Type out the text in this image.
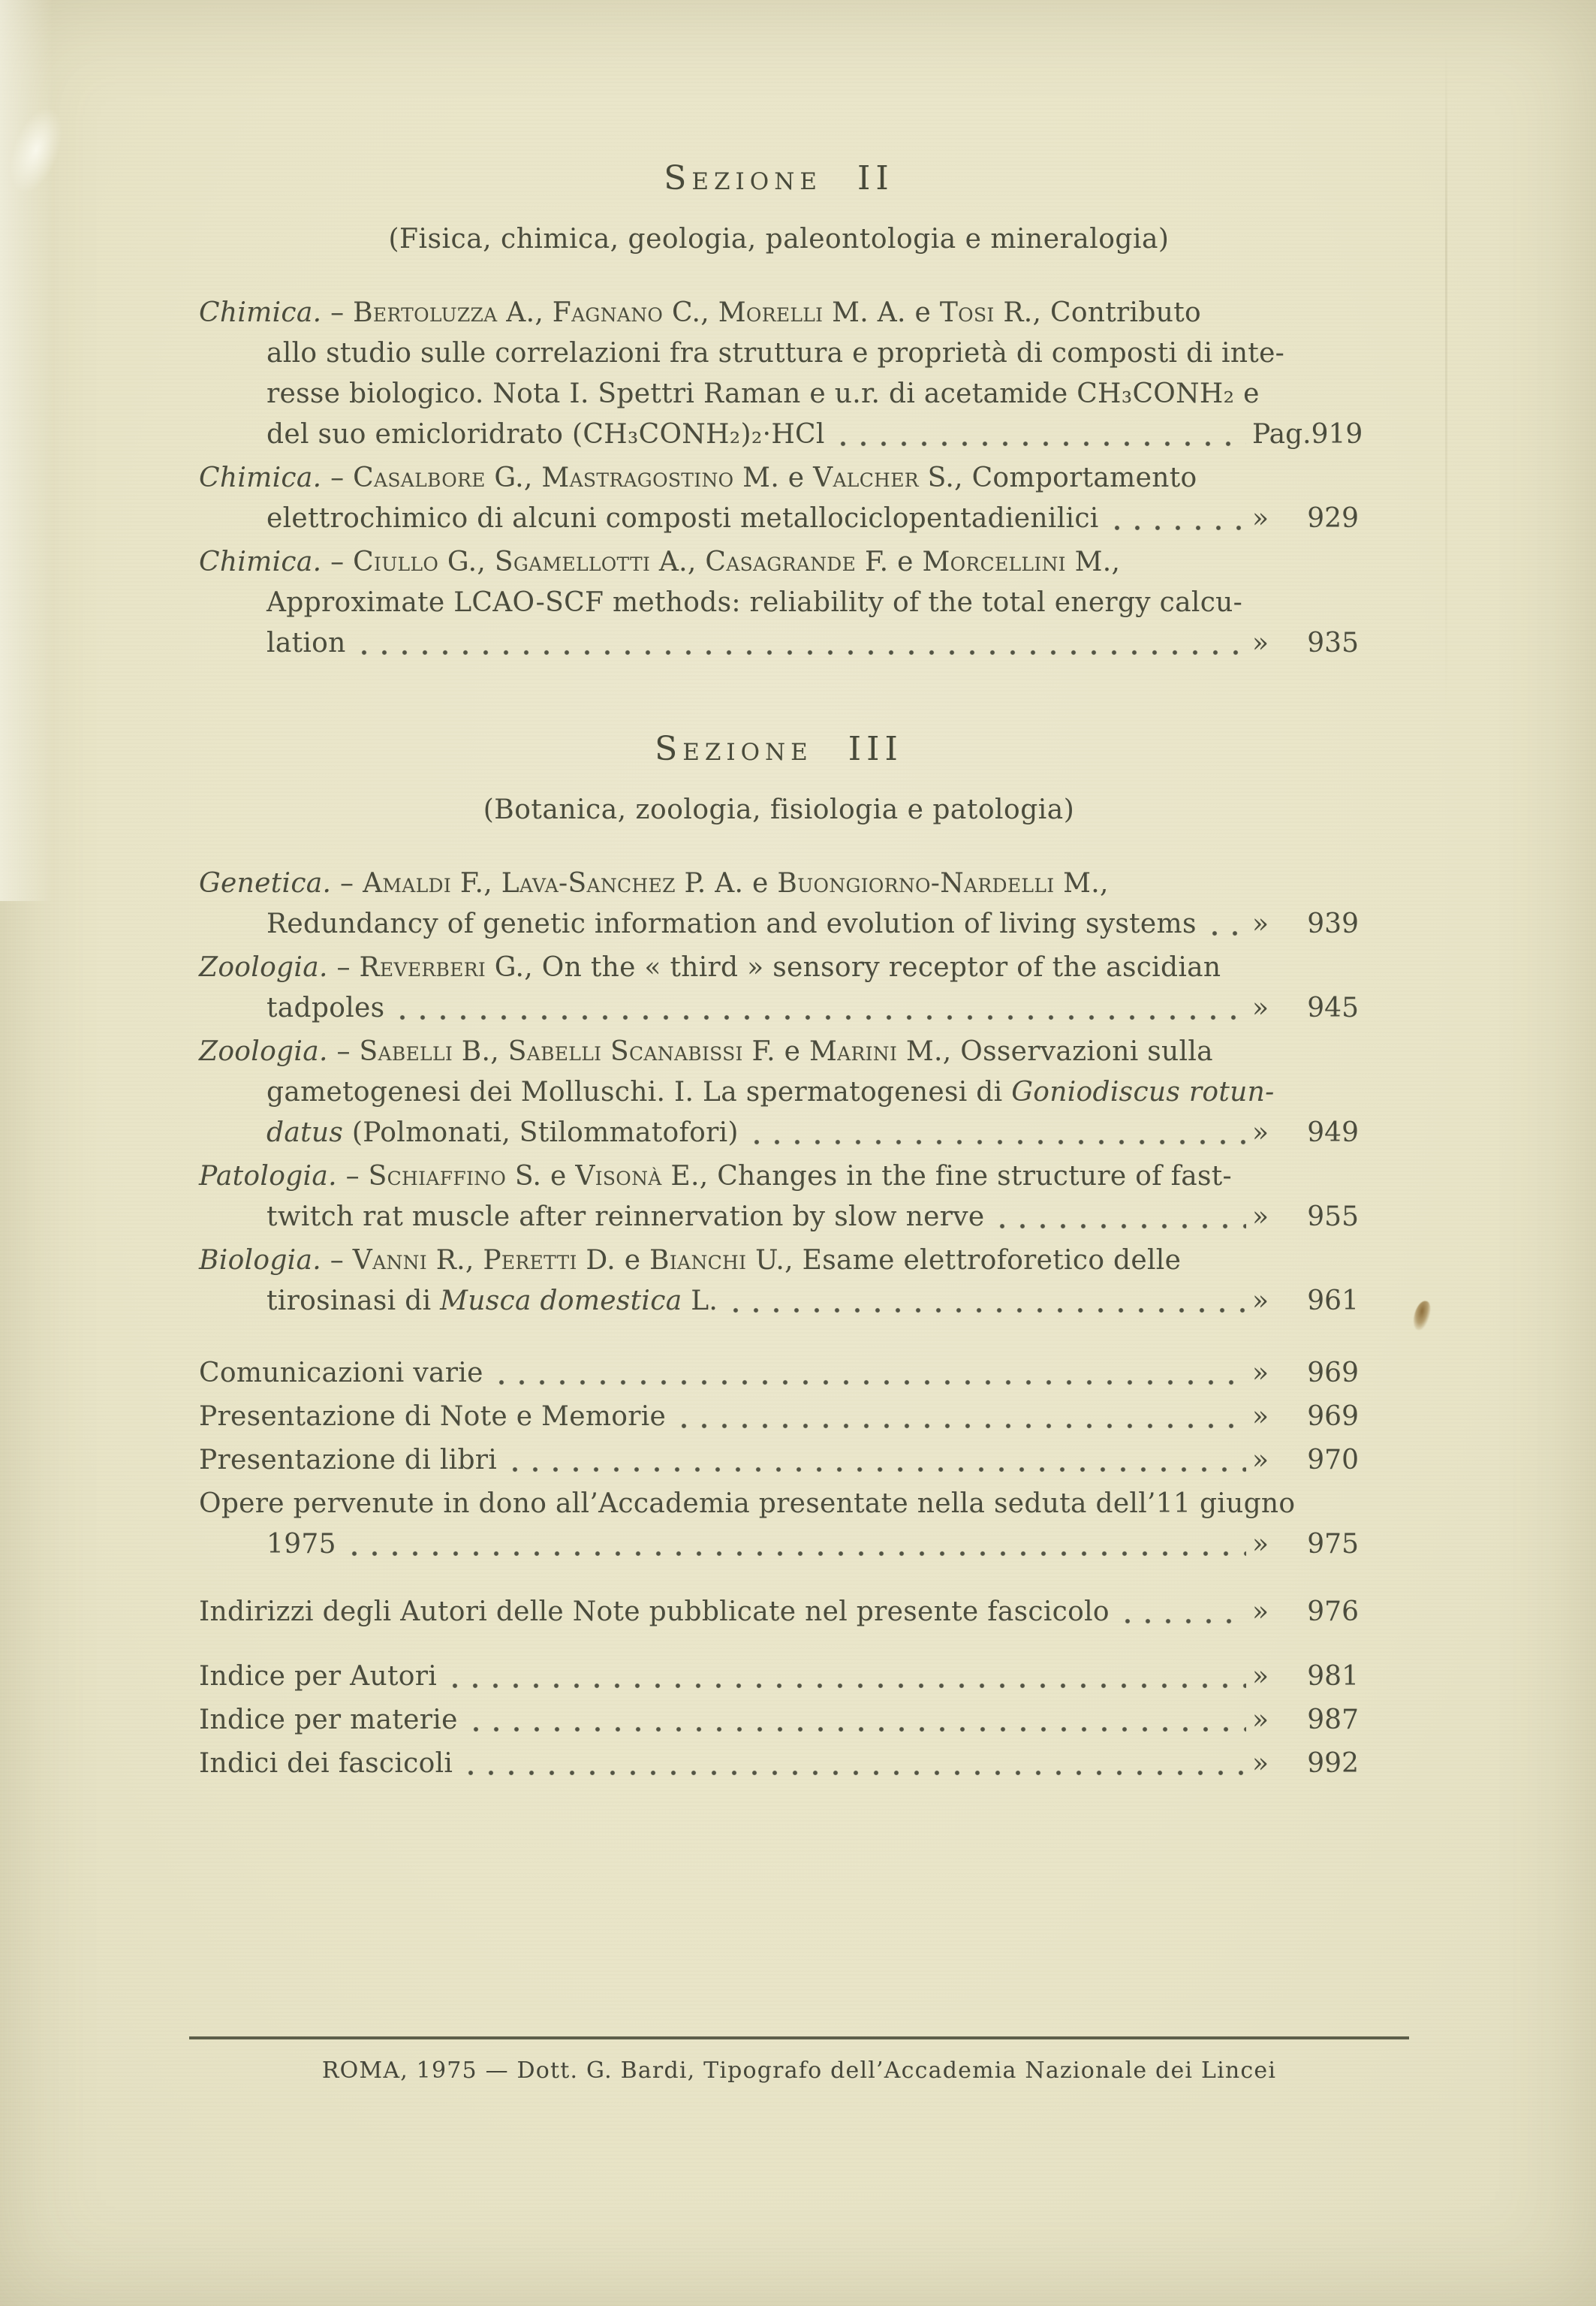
Sezione II
(Fisica, chimica, geologia, paleontologia e mineralogia)
Chimica. – Bertoluzza A., Fagnano C., Morelli M. A. e Tosi R., Contributo
allo studio sulle correlazioni fra struttura e proprietà di composti di inte-
resse biologico. Nota I. Spettri Raman e u.r. di acetamide CH₃CONH₂ e
del suo emicloridrato (CH₃CONH₂)₂·HCl	Pag. 919
Chimica. – Casalbore G., Mastragostino M. e Valcher S., Comportamento
elettrochimico di alcuni composti metallociclopentadienilici	» 929
Chimica. – Ciullo G., Sgamellotti A., Casagrande F. e Morcellini M.,
Approximate LCAO-SCF methods: reliability of the total energy calcu-
lation	» 935
Sezione III
(Botanica, zoologia, fisiologia e patologia)
Genetica. – Amaldi F., Lava-Sanchez P. A. e Buongiorno-Nardelli M.,
Redundancy of genetic information and evolution of living systems » 939
Zoologia. – Reverberi G., On the « third » sensory receptor of the ascidian
tadpoles	» 945
Zoologia. – Sabelli B., Sabelli Scanabissi F. e Marini M., Osservazioni sulla
gametogenesi dei Molluschi. I. La spermatogenesi di Goniodiscus rotun-
datus (Polmonati, Stilommatofori)	» 949
Patologia. – Schiaffino S. e Visonà E., Changes in the fine structure of fast-
twitch rat muscle after reinnervation by slow nerve	» 955
Biologia. – Vanni R., Peretti D. e Bianchi U., Esame elettroforetico delle
tirosinasi di Musca domestica L.	» 961
Comunicazioni varie	» 969
Presentazione di Note e Memorie	» 969
Presentazione di libri	» 970
Opere pervenute in dono all’Accademia presentate nella seduta dell’11 giugno
1975	» 975
Indirizzi degli Autori delle Note pubblicate nel presente fascicolo	» 976
Indice per Autori	» 981
Indice per materie	» 987
Indici dei fascicoli	» 992
ROMA, 1975 — Dott. G. Bardi, Tipografo dell’Accademia Nazionale dei Lincei
